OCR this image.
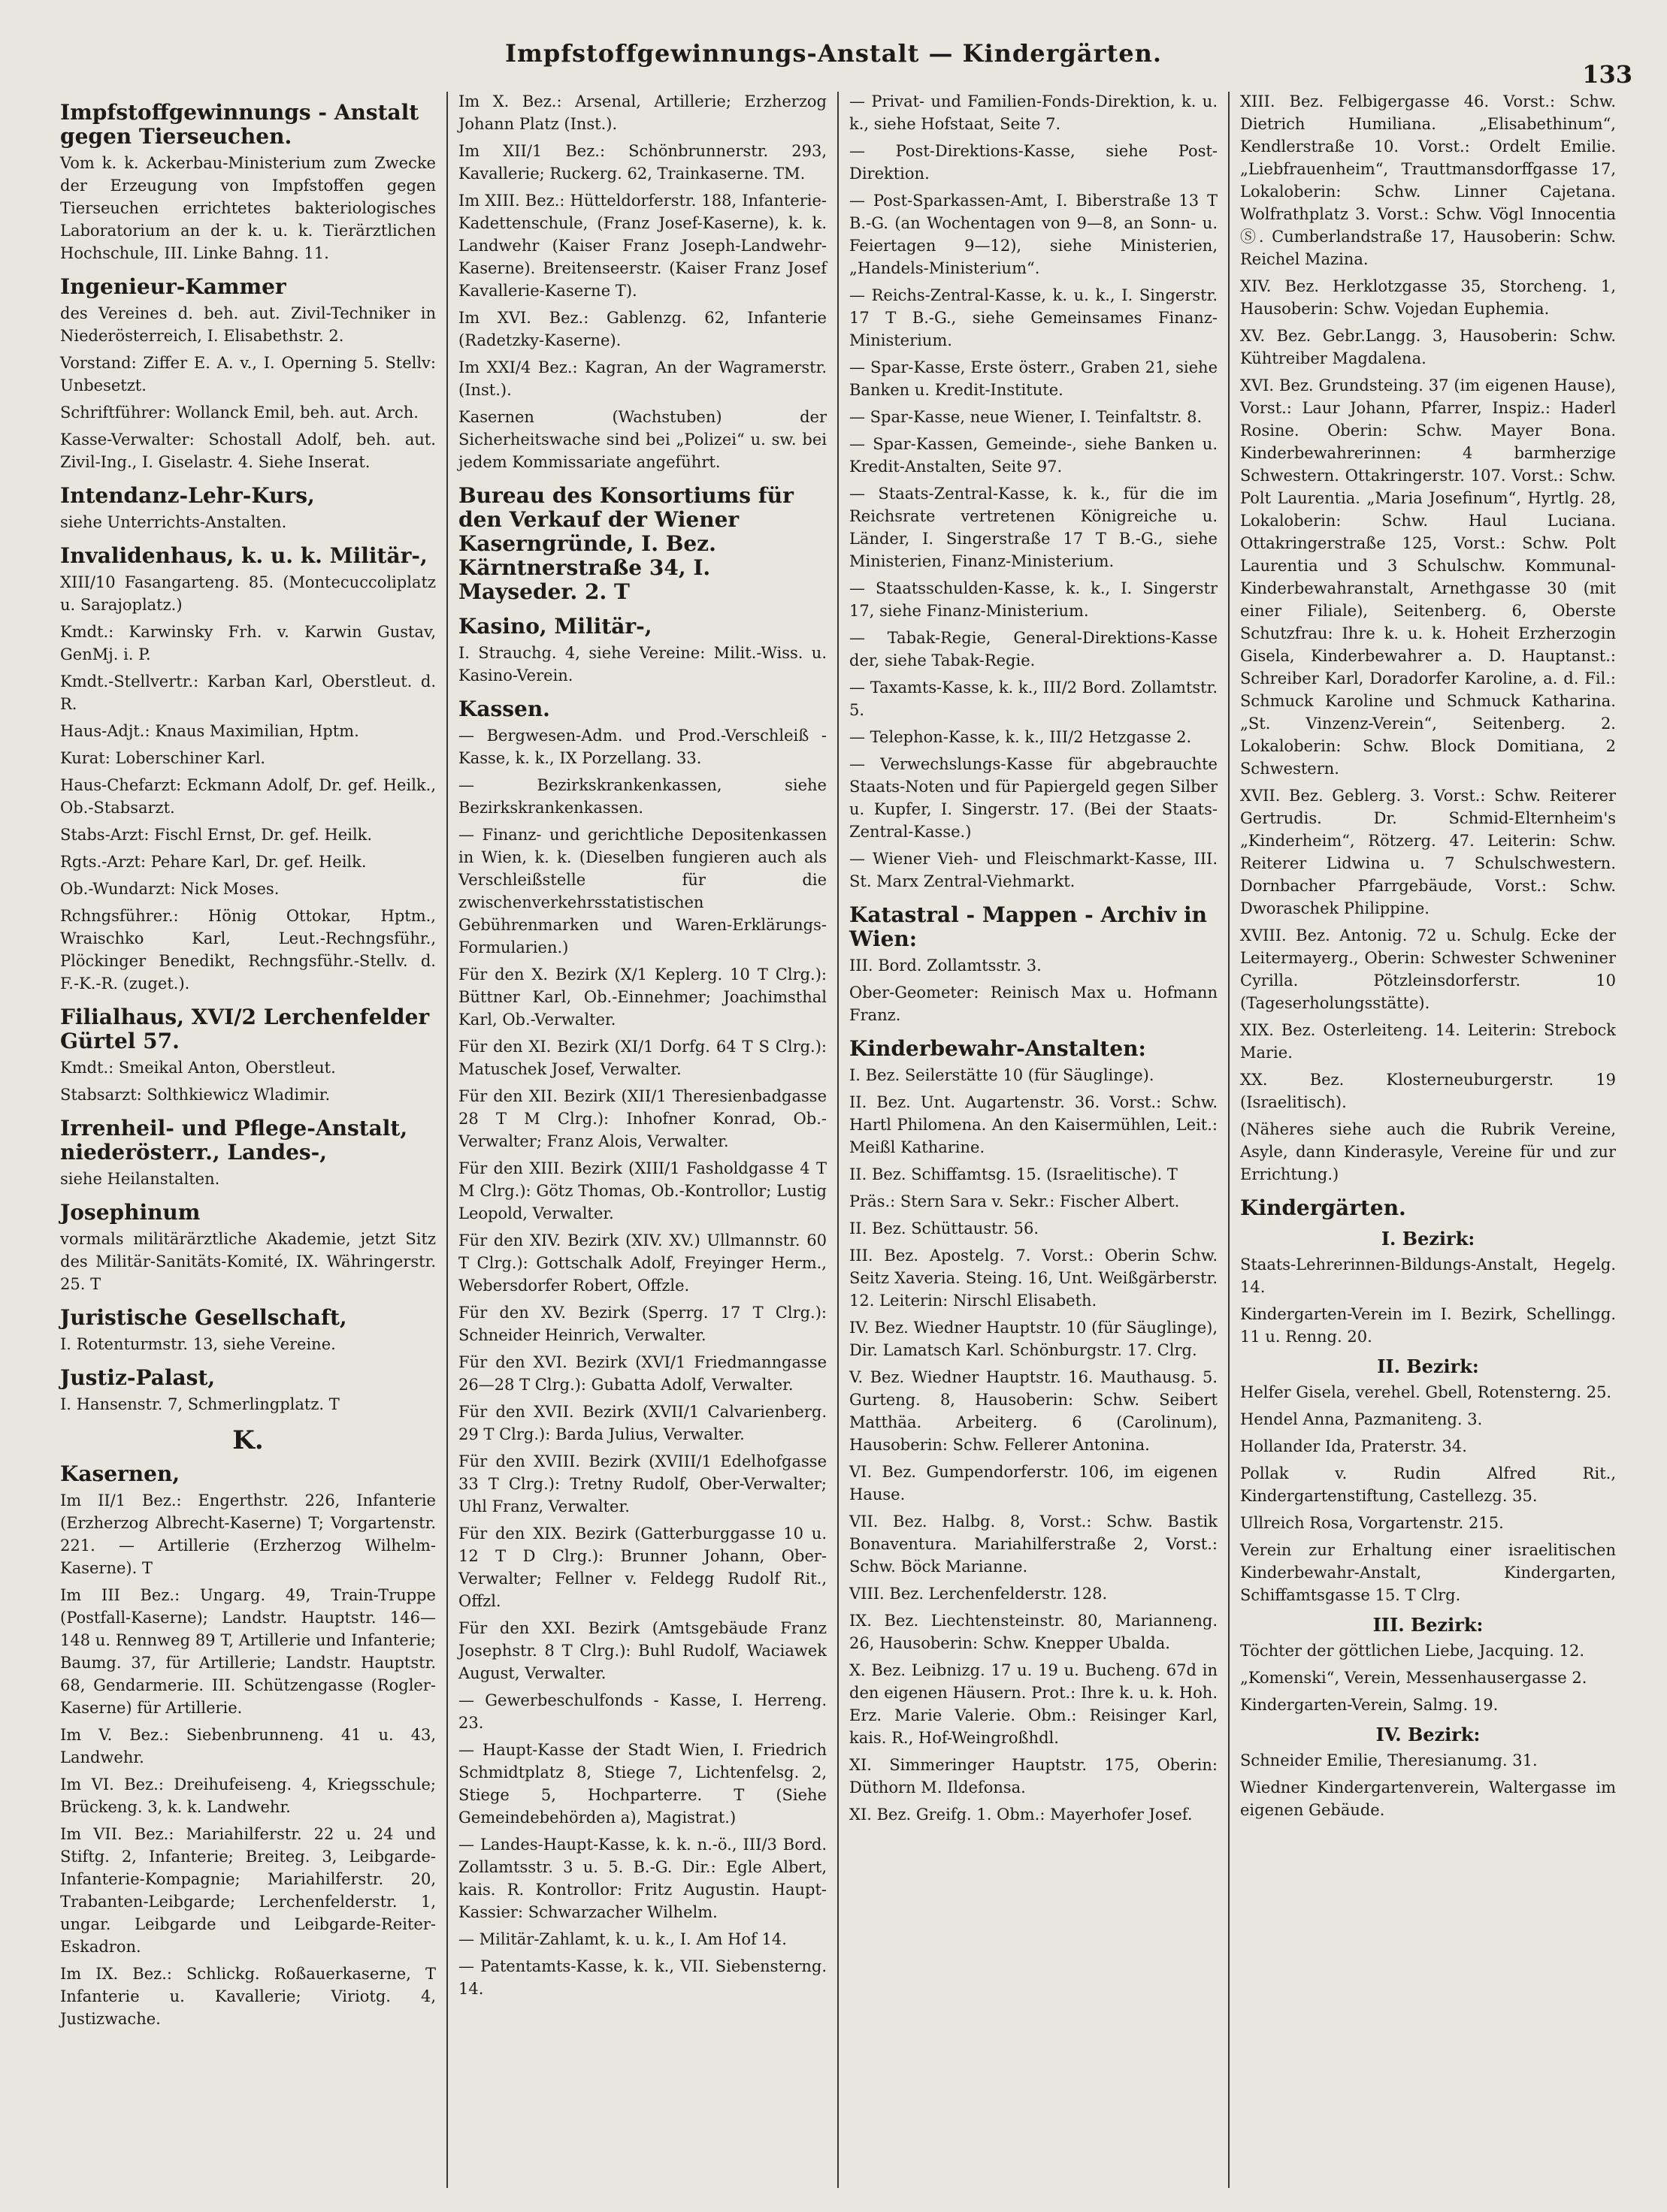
Impfstoffgewinnungs-Anstalt — Kindergärten.
133
Impfstoffgewinnungs - Anstalt gegen Tierseuchen.
Vom k. k. Ackerbau-Ministerium zum Zwecke der Erzeugung von Impfstoffen gegen Tierseuchen errichtetes bakteriologisches Laboratorium an der k. u. k. Tierärztlichen Hochschule, III. Linke Bahng. 11.
Ingenieur-Kammer
des Vereines d. beh. aut. Zivil-Techniker in Niederösterreich, I. Elisabethstr. 2.
Vorstand: Ziffer E. A. v., I. Operning 5. Stellv: Unbesetzt.
Schriftführer: Wollanck Emil, beh. aut. Arch.
Kasse-Verwalter: Schostall Adolf, beh. aut. Zivil-Ing., I. Giselastr. 4. Siehe Inserat.
Intendanz-Lehr-Kurs,
siehe Unterrichts-Anstalten.
Invalidenhaus, k. u. k. Militär-,
XIII/10 Fasangarteng. 85. (Montecuccoliplatz u. Sarajoplatz.)
Kmdt.: Karwinsky Frh. v. Karwin Gustav, GenMj. i. P.
Kmdt.-Stellvertr.: Karban Karl, Oberstleut. d. R.
Haus-Adjt.: Knaus Maximilian, Hptm.
Kurat: Loberschiner Karl.
Haus-Chefarzt: Eckmann Adolf, Dr. gef. Heilk., Ob.-Stabsarzt.
Stabs-Arzt: Fischl Ernst, Dr. gef. Heilk.
Rgts.-Arzt: Pehare Karl, Dr. gef. Heilk.
Ob.-Wundarzt: Nick Moses.
Rchngsführer.: Hönig Ottokar, Hptm., Wraischko Karl, Leut.-Rechngsführ., Plöckinger Benedikt, Rechngsführ.-Stellv. d. F.-K.-R. (zuget.).
Filialhaus, XVI/2 Lerchenfelder Gürtel 57.
Kmdt.: Smeikal Anton, Oberstleut.
Stabsarzt: Solthkiewicz Wladimir.
Irrenheil- und Pflege-Anstalt, niederösterr., Landes-,
siehe Heilanstalten.
Josephinum
vormals militärärztliche Akademie, jetzt Sitz des Militär-Sanitäts-Komité, IX. Währingerstr. 25. T
Juristische Gesellschaft,
I. Rotenturmstr. 13, siehe Vereine.
Justiz-Palast,
I. Hansenstr. 7, Schmerlingplatz. T
K.
Kasernen,
Im II/1 Bez.: Engerthstr. 226, Infanterie (Erzherzog Albrecht-Kaserne) T; Vorgartenstr. 221. — Artillerie (Erzherzog Wilhelm-Kaserne). T
Im III Bez.: Ungarg. 49, Train-Truppe (Postfall-Kaserne); Landstr. Hauptstr. 146—148 u. Rennweg 89 T, Artillerie und Infanterie; Baumg. 37, für Artillerie; Landstr. Hauptstr. 68, Gendarmerie. III. Schützengasse (Rogler-Kaserne) für Artillerie.
Im V. Bez.: Siebenbrunneng. 41 u. 43, Landwehr.
Im VI. Bez.: Dreihufeiseng. 4, Kriegsschule; Brückeng. 3, k. k. Landwehr.
Im VII. Bez.: Mariahilferstr. 22 u. 24 und Stiftg. 2, Infanterie; Breiteg. 3, Leibgarde-Infanterie-Kompagnie; Mariahilferstr. 20, Trabanten-Leibgarde; Lerchenfelderstr. 1, ungar. Leibgarde und Leibgarde-Reiter-Eskadron.
Im IX. Bez.: Schlickg. Roßauerkaserne, T Infanterie u. Kavallerie; Viriotg. 4, Justizwache.
Im X. Bez.: Arsenal, Artillerie; Erzherzog Johann Platz (Inst.).
Im XII/1 Bez.: Schönbrunnerstr. 293, Kavallerie; Ruckerg. 62, Trainkaserne. TM.
Im XIII. Bez.: Hütteldorferstr. 188, Infanterie-Kadettenschule, (Franz Josef-Kaserne), k. k. Landwehr (Kaiser Franz Joseph-Landwehr-Kaserne). Breitenseerstr. (Kaiser Franz Josef Kavallerie-Kaserne T).
Im XVI. Bez.: Gablenzg. 62, Infanterie (Radetzky-Kaserne).
Im XXI/4 Bez.: Kagran, An der Wagramerstr. (Inst.).
Kasernen (Wachstuben) der Sicherheitswache sind bei „Polizei“ u. sw. bei jedem Kommissariate angeführt.
Bureau des Konsortiums für den Verkauf der Wiener Kaserngründe, I. Bez. Kärntnerstraße 34, I. Mayseder. 2. T
Kasino, Militär-,
I. Strauchg. 4, siehe Vereine: Milit.-Wiss. u. Kasino-Verein.
Kassen.
— Bergwesen-Adm. und Prod.-Verschleiß - Kasse, k. k., IX Porzellang. 33.
— Bezirkskrankenkassen, siehe Bezirkskrankenkassen.
— Finanz- und gerichtliche Depositenkassen in Wien, k. k. (Dieselben fungieren auch als Verschleißstelle für die zwischenverkehrsstatistischen Gebührenmarken und Waren-Erklärungs-Formularien.)
Für den X. Bezirk (X/1 Keplerg. 10 T Clrg.): Büttner Karl, Ob.-Einnehmer; Joachimsthal Karl, Ob.-Verwalter.
Für den XI. Bezirk (XI/1 Dorfg. 64 T S Clrg.): Matuschek Josef, Verwalter.
Für den XII. Bezirk (XII/1 Theresienbadgasse 28 T M Clrg.): Inhofner Konrad, Ob.-Verwalter; Franz Alois, Verwalter.
Für den XIII. Bezirk (XIII/1 Fasholdgasse 4 T M Clrg.): Götz Thomas, Ob.-Kontrollor; Lustig Leopold, Verwalter.
Für den XIV. Bezirk (XIV. XV.) Ullmannstr. 60 T Clrg.): Gottschalk Adolf, Freyinger Herm., Webersdorfer Robert, Offzle.
Für den XV. Bezirk (Sperrg. 17 T Clrg.): Schneider Heinrich, Verwalter.
Für den XVI. Bezirk (XVI/1 Friedmanngasse 26—28 T Clrg.): Gubatta Adolf, Verwalter.
Für den XVII. Bezirk (XVII/1 Calvarienberg. 29 T Clrg.): Barda Julius, Verwalter.
Für den XVIII. Bezirk (XVIII/1 Edelhofgasse 33 T Clrg.): Tretny Rudolf, Ober-Verwalter; Uhl Franz, Verwalter.
Für den XIX. Bezirk (Gatterburggasse 10 u. 12 T D Clrg.): Brunner Johann, Ober-Verwalter; Fellner v. Feldegg Rudolf Rit., Offzl.
Für den XXI. Bezirk (Amtsgebäude Franz Josephstr. 8 T Clrg.): Buhl Rudolf, Waciawek August, Verwalter.
— Gewerbeschulfonds - Kasse, I. Herreng. 23.
— Haupt-Kasse der Stadt Wien, I. Friedrich Schmidtplatz 8, Stiege 7, Lichtenfelsg. 2, Stiege 5, Hochparterre. T (Siehe Gemeindebehörden a), Magistrat.)
— Landes-Haupt-Kasse, k. k. n.-ö., III/3 Bord. Zollamtsstr. 3 u. 5. B.-G. Dir.: Egle Albert, kais. R. Kontrollor: Fritz Augustin. Haupt-Kassier: Schwarzacher Wilhelm.
— Militär-Zahlamt, k. u. k., I. Am Hof 14.
— Patentamts-Kasse, k. k., VII. Siebensterng. 14.
— Privat- und Familien-Fonds-Direktion, k. u. k., siehe Hofstaat, Seite 7.
— Post-Direktions-Kasse, siehe Post-Direktion.
— Post-Sparkassen-Amt, I. Biberstraße 13 T B.-G. (an Wochentagen von 9—8, an Sonn- u. Feiertagen 9—12), siehe Ministerien, „Handels-Ministerium“.
— Reichs-Zentral-Kasse, k. u. k., I. Singerstr. 17 T B.-G., siehe Gemeinsames Finanz-Ministerium.
— Spar-Kasse, Erste österr., Graben 21, siehe Banken u. Kredit-Institute.
— Spar-Kasse, neue Wiener, I. Teinfaltstr. 8.
— Spar-Kassen, Gemeinde-, siehe Banken u. Kredit-Anstalten, Seite 97.
— Staats-Zentral-Kasse, k. k., für die im Reichsrate vertretenen Königreiche u. Länder, I. Singerstraße 17 T B.-G., siehe Ministerien, Finanz-Ministerium.
— Staatsschulden-Kasse, k. k., I. Singerstr 17, siehe Finanz-Ministerium.
— Tabak-Regie, General-Direktions-Kasse der, siehe Tabak-Regie.
— Taxamts-Kasse, k. k., III/2 Bord. Zollamtstr. 5.
— Telephon-Kasse, k. k., III/2 Hetzgasse 2.
— Verwechslungs-Kasse für abgebrauchte Staats-Noten und für Papiergeld gegen Silber u. Kupfer, I. Singerstr. 17. (Bei der Staats-Zentral-Kasse.)
— Wiener Vieh- und Fleischmarkt-Kasse, III. St. Marx Zentral-Viehmarkt.
Katastral - Mappen - Archiv in Wien:
III. Bord. Zollamtsstr. 3.
Ober-Geometer: Reinisch Max u. Hofmann Franz.
Kinderbewahr-Anstalten:
I. Bez. Seilerstätte 10 (für Säuglinge).
II. Bez. Unt. Augartenstr. 36. Vorst.: Schw. Hartl Philomena. An den Kaisermühlen, Leit.: Meißl Katharine.
II. Bez. Schiffamtsg. 15. (Israelitische). T
Präs.: Stern Sara v. Sekr.: Fischer Albert.
II. Bez. Schüttaustr. 56.
III. Bez. Apostelg. 7. Vorst.: Oberin Schw. Seitz Xaveria. Steing. 16, Unt. Weißgärberstr. 12. Leiterin: Nirschl Elisabeth.
IV. Bez. Wiedner Hauptstr. 10 (für Säuglinge), Dir. Lamatsch Karl. Schönburgstr. 17. Clrg.
V. Bez. Wiedner Hauptstr. 16. Mauthausg. 5. Gurteng. 8, Hausoberin: Schw. Seibert Matthäa. Arbeiterg. 6 (Carolinum), Hausoberin: Schw. Fellerer Antonina.
VI. Bez. Gumpendorferstr. 106, im eigenen Hause.
VII. Bez. Halbg. 8, Vorst.: Schw. Bastik Bonaventura. Mariahilferstraße 2, Vorst.: Schw. Böck Marianne.
VIII. Bez. Lerchenfelderstr. 128.
IX. Bez. Liechtensteinstr. 80, Marianneng. 26, Hausoberin: Schw. Knepper Ubalda.
X. Bez. Leibnizg. 17 u. 19 u. Bucheng. 67d in den eigenen Häusern. Prot.: Ihre k. u. k. Hoh. Erz. Marie Valerie. Obm.: Reisinger Karl, kais. R., Hof-Weingroßhdl.
XI. Simmeringer Hauptstr. 175, Oberin: Düthorn M. Ildefonsa.
XI. Bez. Greifg. 1. Obm.: Mayerhofer Josef.
XIII. Bez. Felbigergasse 46. Vorst.: Schw. Dietrich Humiliana. „Elisabethinum“, Kendlerstraße 10. Vorst.: Ordelt Emilie. „Liebfrauenheim“, Trauttmansdorffgasse 17, Lokaloberin: Schw. Linner Cajetana. Wolfrathplatz 3. Vorst.: Schw. Vögl Innocentia Ⓢ. Cumberlandstraße 17, Hausoberin: Schw. Reichel Mazina.
XIV. Bez. Herklotzgasse 35, Storcheng. 1, Hausoberin: Schw. Vojedan Euphemia.
XV. Bez. Gebr.Langg. 3, Hausoberin: Schw. Kühtreiber Magdalena.
XVI. Bez. Grundsteing. 37 (im eigenen Hause), Vorst.: Laur Johann, Pfarrer, Inspiz.: Haderl Rosine. Oberin: Schw. Mayer Bona. Kinderbewahrerinnen: 4 barmherzige Schwestern. Ottakringerstr. 107. Vorst.: Schw. Polt Laurentia. „Maria Josefinum“, Hyrtlg. 28, Lokaloberin: Schw. Haul Luciana. Ottakringerstraße 125, Vorst.: Schw. Polt Laurentia und 3 Schulschw. Kommunal-Kinderbewahranstalt, Arnethgasse 30 (mit einer Filiale), Seitenberg. 6, Oberste Schutzfrau: Ihre k. u. k. Hoheit Erzherzogin Gisela, Kinderbewahrer a. D. Hauptanst.: Schreiber Karl, Doradorfer Karoline, a. d. Fil.: Schmuck Karoline und Schmuck Katharina. „St. Vinzenz-Verein“, Seitenberg. 2. Lokaloberin: Schw. Block Domitiana, 2 Schwestern.
XVII. Bez. Geblerg. 3. Vorst.: Schw. Reiterer Gertrudis. Dr. Schmid-Elternheim's „Kinderheim“, Rötzerg. 47. Leiterin: Schw. Reiterer Lidwina u. 7 Schulschwestern. Dornbacher Pfarrgebäude, Vorst.: Schw. Dworaschek Philippine.
XVIII. Bez. Antonig. 72 u. Schulg. Ecke der Leitermayerg., Oberin: Schwester Schweniner Cyrilla. Pötzleinsdorferstr. 10 (Tageserholungsstätte).
XIX. Bez. Osterleiteng. 14. Leiterin: Strebock Marie.
XX. Bez. Klosterneuburgerstr. 19 (Israelitisch).
(Näheres siehe auch die Rubrik Vereine, Asyle, dann Kinderasyle, Vereine für und zur Errichtung.)
Kindergärten.
I. Bezirk:
Staats-Lehrerinnen-Bildungs-Anstalt, Hegelg. 14.
Kindergarten-Verein im I. Bezirk, Schellingg. 11 u. Renng. 20.
II. Bezirk:
Helfer Gisela, verehel. Gbell, Rotensterng. 25.
Hendel Anna, Pazmaniteng. 3.
Hollander Ida, Praterstr. 34.
Pollak v. Rudin Alfred Rit., Kindergartenstiftung, Castellezg. 35.
Ullreich Rosa, Vorgartenstr. 215.
Verein zur Erhaltung einer israelitischen Kinderbewahr-Anstalt, Kindergarten, Schiffamtsgasse 15. T Clrg.
III. Bezirk:
Töchter der göttlichen Liebe, Jacquing. 12.
„Komenski“, Verein, Messenhausergasse 2.
Kindergarten-Verein, Salmg. 19.
IV. Bezirk:
Schneider Emilie, Theresianumg. 31.
Wiedner Kindergartenverein, Waltergasse im eigenen Gebäude.
